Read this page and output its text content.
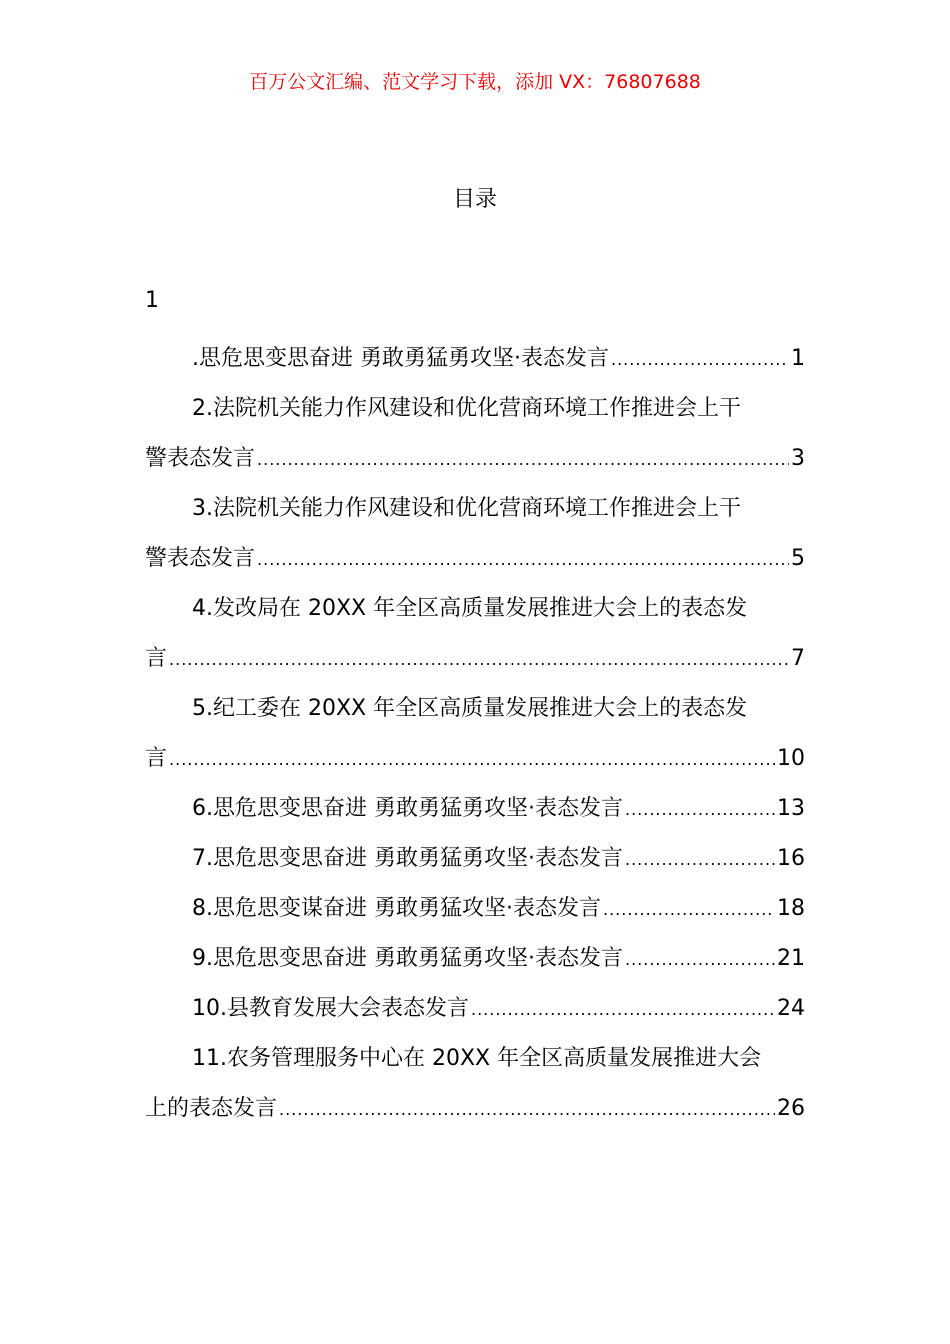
百万公文汇编、范文学习下载，添加 VX：76807688
目录
1
.思危思变思奋进 勇敢勇猛勇攻坚·表态发言 .....	1
2.法院机关能力作风建设和优化营商环境工作推进会上干
警表态发言 .....	3
3.法院机关能力作风建设和优化营商环境工作推进会上干
警表态发言 .....	5
4.发改局在 20XX 年全区高质量发展推进大会上的表态发
言 .....	7
5.纪工委在 20XX 年全区高质量发展推进大会上的表态发
言 .....	10
6.思危思变思奋进 勇敢勇猛勇攻坚·表态发言 .....	13
7.思危思变思奋进 勇敢勇猛勇攻坚·表态发言 .....	16
8.思危思变谋奋进 勇敢勇猛攻坚·表态发言 .....	18
9.思危思变思奋进 勇敢勇猛勇攻坚·表态发言 .....	21
10.县教育发展大会表态发言 .....	24
11.农务管理服务中心在 20XX 年全区高质量发展推进大会
上的表态发言 .....	26
